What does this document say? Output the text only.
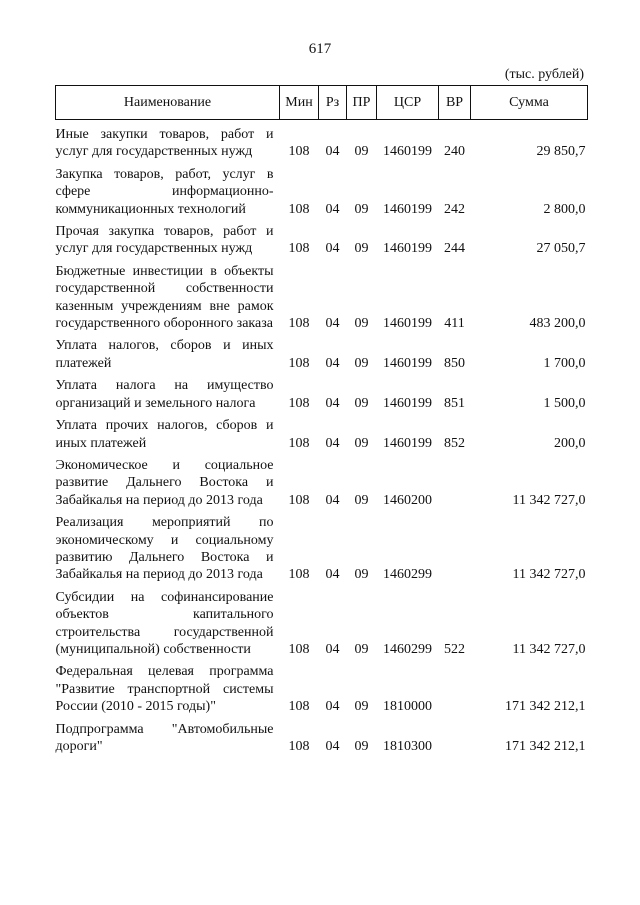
617
(тыс. рублей)
Наименование	Мин	Рз	ПР	ЦСР	ВР	Сумма
Иные закупки товаров, работ и услуг для государственных нужд	108	04	09	1460199	240	29 850,7
Закупка товаров, работ, услуг в сфере информационно-коммуникационных технологий	108	04	09	1460199	242	2 800,0
Прочая закупка товаров, работ и услуг для государственных нужд	108	04	09	1460199	244	27 050,7
Бюджетные инвестиции в объекты государственной собственности казенным учреждениям вне рамок государственного оборонного заказа	108	04	09	1460199	411	483 200,0
Уплата налогов, сборов и иных платежей	108	04	09	1460199	850	1 700,0
Уплата налога на имущество организаций и земельного налога	108	04	09	1460199	851	1 500,0
Уплата прочих налогов, сборов и иных платежей	108	04	09	1460199	852	200,0
Экономическое и социальное развитие Дальнего Востока и Забайкалья на период до 2013 года	108	04	09	1460200		11 342 727,0
Реализация мероприятий по экономическому и социальному развитию Дальнего Востока и Забайкалья на период до 2013 года	108	04	09	1460299		11 342 727,0
Субсидии на софинансирование объектов капитального строительства государственной (муниципальной) собственности	108	04	09	1460299	522	11 342 727,0
Федеральная целевая программа "Развитие транспортной системы России (2010 - 2015 годы)"	108	04	09	1810000		171 342 212,1
Подпрограмма "Автомобильные дороги"	108	04	09	1810300		171 342 212,1
